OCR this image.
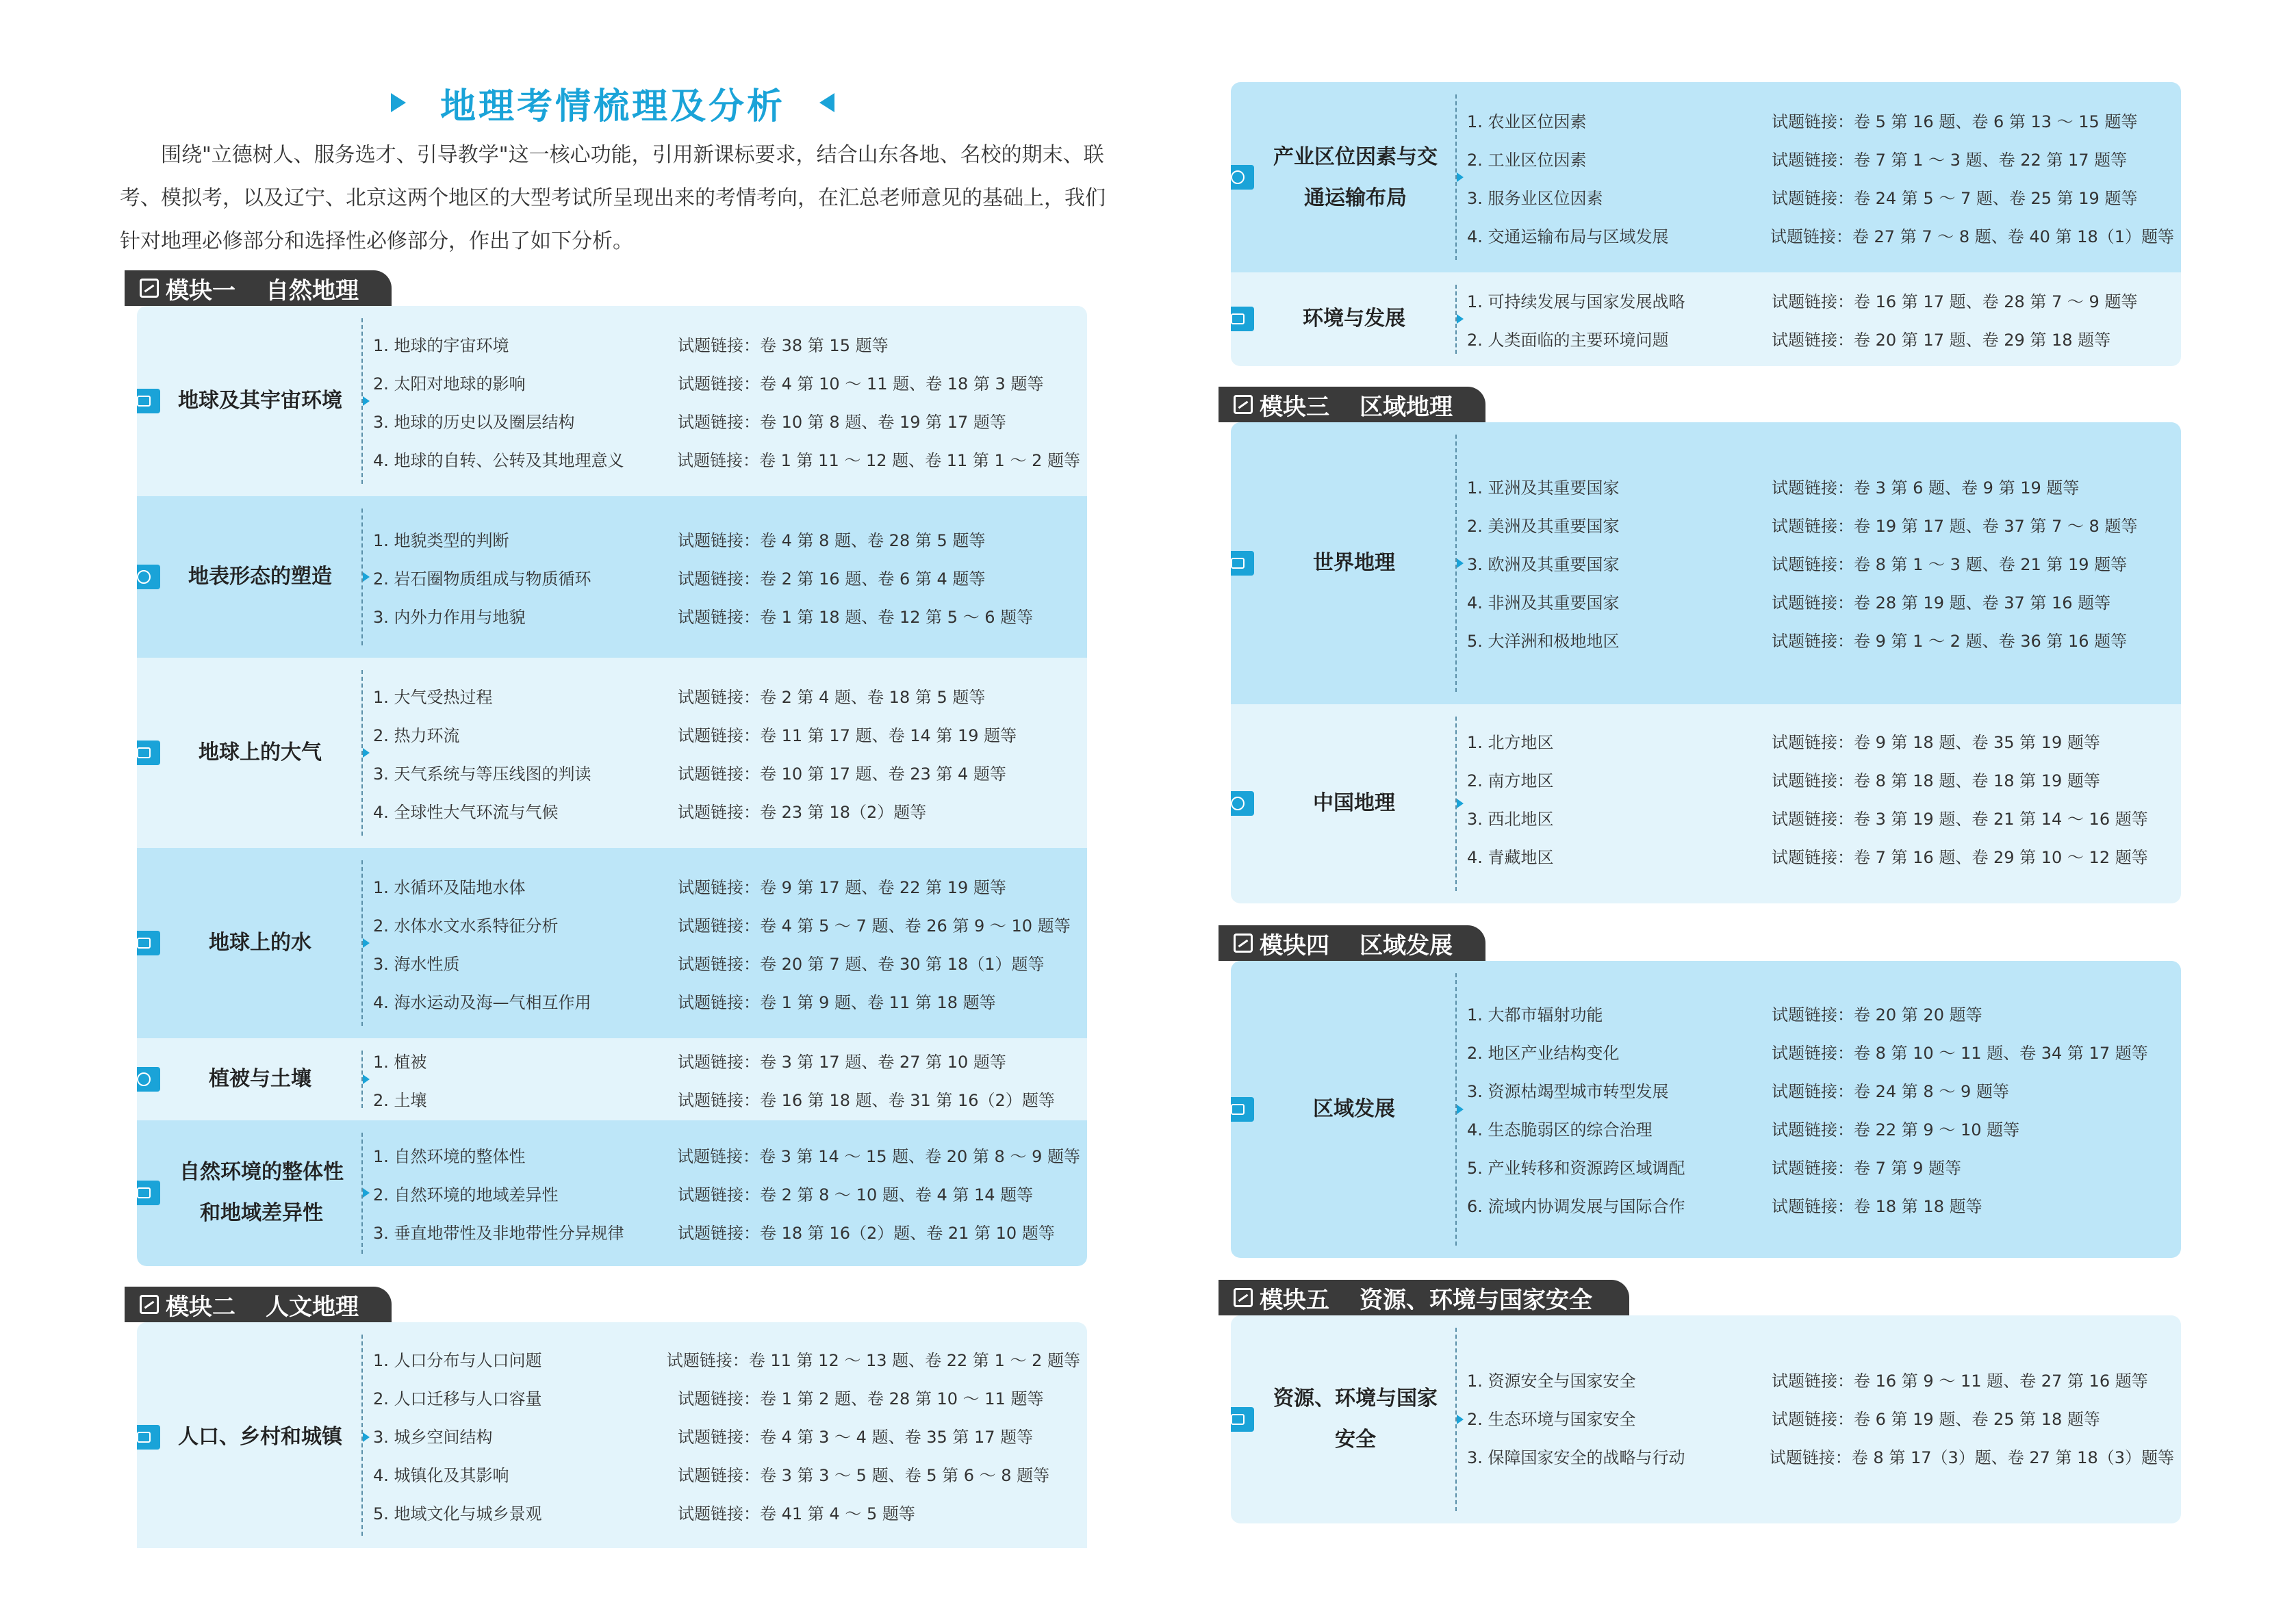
地理考情梳理及分析
围绕"立德树人、服务选才、引导教学"这一核心功能，引用新课标要求，结合山东各地、名校的期末、联考、模拟考，以及辽宁、北京这两个地区的大型考试所呈现出来的考情考向，在汇总老师意见的基础上，我们针对地理必修部分和选择性必修部分，作出了如下分析。
模块一 自然地理
地球及其宇宙环境
1. 地球的宇宙环境	试题链接：卷 38 第 15 题等
2. 太阳对地球的影响	试题链接：卷 4 第 10 ～ 11 题、卷 18 第 3 题等
3. 地球的历史以及圈层结构	试题链接：卷 10 第 8 题、卷 19 第 17 题等
4. 地球的自转、公转及其地理意义	试题链接：卷 1 第 11 ～ 12 题、卷 11 第 1 ～ 2 题等
地表形态的塑造
1. 地貌类型的判断	试题链接：卷 4 第 8 题、卷 28 第 5 题等
2. 岩石圈物质组成与物质循环	试题链接：卷 2 第 16 题、卷 6 第 4 题等
3. 内外力作用与地貌	试题链接：卷 1 第 18 题、卷 12 第 5 ～ 6 题等
地球上的大气
1. 大气受热过程	试题链接：卷 2 第 4 题、卷 18 第 5 题等
2. 热力环流	试题链接：卷 11 第 17 题、卷 14 第 19 题等
3. 天气系统与等压线图的判读	试题链接：卷 10 第 17 题、卷 23 第 4 题等
4. 全球性大气环流与气候	试题链接：卷 23 第 18（2）题等
地球上的水
1. 水循环及陆地水体	试题链接：卷 9 第 17 题、卷 22 第 19 题等
2. 水体水文水系特征分析	试题链接：卷 4 第 5 ～ 7 题、卷 26 第 9 ～ 10 题等
3. 海水性质	试题链接：卷 20 第 7 题、卷 30 第 18（1）题等
4. 海水运动及海—气相互作用	试题链接：卷 1 第 9 题、卷 11 第 18 题等
植被与土壤
1. 植被	试题链接：卷 3 第 17 题、卷 27 第 10 题等
2. 土壤	试题链接：卷 16 第 18 题、卷 31 第 16（2）题等
自然环境的整体性和地域差异性
1. 自然环境的整体性	试题链接：卷 3 第 14 ～ 15 题、卷 20 第 8 ～ 9 题等
2. 自然环境的地域差异性	试题链接：卷 2 第 8 ～ 10 题、卷 4 第 14 题等
3. 垂直地带性及非地带性分异规律	试题链接：卷 18 第 16（2）题、卷 21 第 10 题等
模块二 人文地理
人口、乡村和城镇
1. 人口分布与人口问题	试题链接：卷 11 第 12 ～ 13 题、卷 22 第 1 ～ 2 题等
2. 人口迁移与人口容量	试题链接：卷 1 第 2 题、卷 28 第 10 ～ 11 题等
3. 城乡空间结构	试题链接：卷 4 第 3 ～ 4 题、卷 35 第 17 题等
4. 城镇化及其影响	试题链接：卷 3 第 3 ～ 5 题、卷 5 第 6 ～ 8 题等
5. 地域文化与城乡景观	试题链接：卷 41 第 4 ～ 5 题等
产业区位因素与交通运输布局
1. 农业区位因素	试题链接：卷 5 第 16 题、卷 6 第 13 ～ 15 题等
2. 工业区位因素	试题链接：卷 7 第 1 ～ 3 题、卷 22 第 17 题等
3. 服务业区位因素	试题链接：卷 24 第 5 ～ 7 题、卷 25 第 19 题等
4. 交通运输布局与区域发展	试题链接：卷 27 第 7 ～ 8 题、卷 40 第 18（1）题等
环境与发展
1. 可持续发展与国家发展战略	试题链接：卷 16 第 17 题、卷 28 第 7 ～ 9 题等
2. 人类面临的主要环境问题	试题链接：卷 20 第 17 题、卷 29 第 18 题等
模块三 区域地理
世界地理
1. 亚洲及其重要国家	试题链接：卷 3 第 6 题、卷 9 第 19 题等
2. 美洲及其重要国家	试题链接：卷 19 第 17 题、卷 37 第 7 ～ 8 题等
3. 欧洲及其重要国家	试题链接：卷 8 第 1 ～ 3 题、卷 21 第 19 题等
4. 非洲及其重要国家	试题链接：卷 28 第 19 题、卷 37 第 16 题等
5. 大洋洲和极地地区	试题链接：卷 9 第 1 ～ 2 题、卷 36 第 16 题等
中国地理
1. 北方地区	试题链接：卷 9 第 18 题、卷 35 第 19 题等
2. 南方地区	试题链接：卷 8 第 18 题、卷 18 第 19 题等
3. 西北地区	试题链接：卷 3 第 19 题、卷 21 第 14 ～ 16 题等
4. 青藏地区	试题链接：卷 7 第 16 题、卷 29 第 10 ～ 12 题等
模块四 区域发展
区域发展
1. 大都市辐射功能	试题链接：卷 20 第 20 题等
2. 地区产业结构变化	试题链接：卷 8 第 10 ～ 11 题、卷 34 第 17 题等
3. 资源枯竭型城市转型发展	试题链接：卷 24 第 8 ～ 9 题等
4. 生态脆弱区的综合治理	试题链接：卷 22 第 9 ～ 10 题等
5. 产业转移和资源跨区域调配	试题链接：卷 7 第 9 题等
6. 流域内协调发展与国际合作	试题链接：卷 18 第 18 题等
模块五 资源、环境与国家安全
资源、环境与国家安全
1. 资源安全与国家安全	试题链接：卷 16 第 9 ～ 11 题、卷 27 第 16 题等
2. 生态环境与国家安全	试题链接：卷 6 第 19 题、卷 25 第 18 题等
3. 保障国家安全的战略与行动	试题链接：卷 8 第 17（3）题、卷 27 第 18（3）题等
